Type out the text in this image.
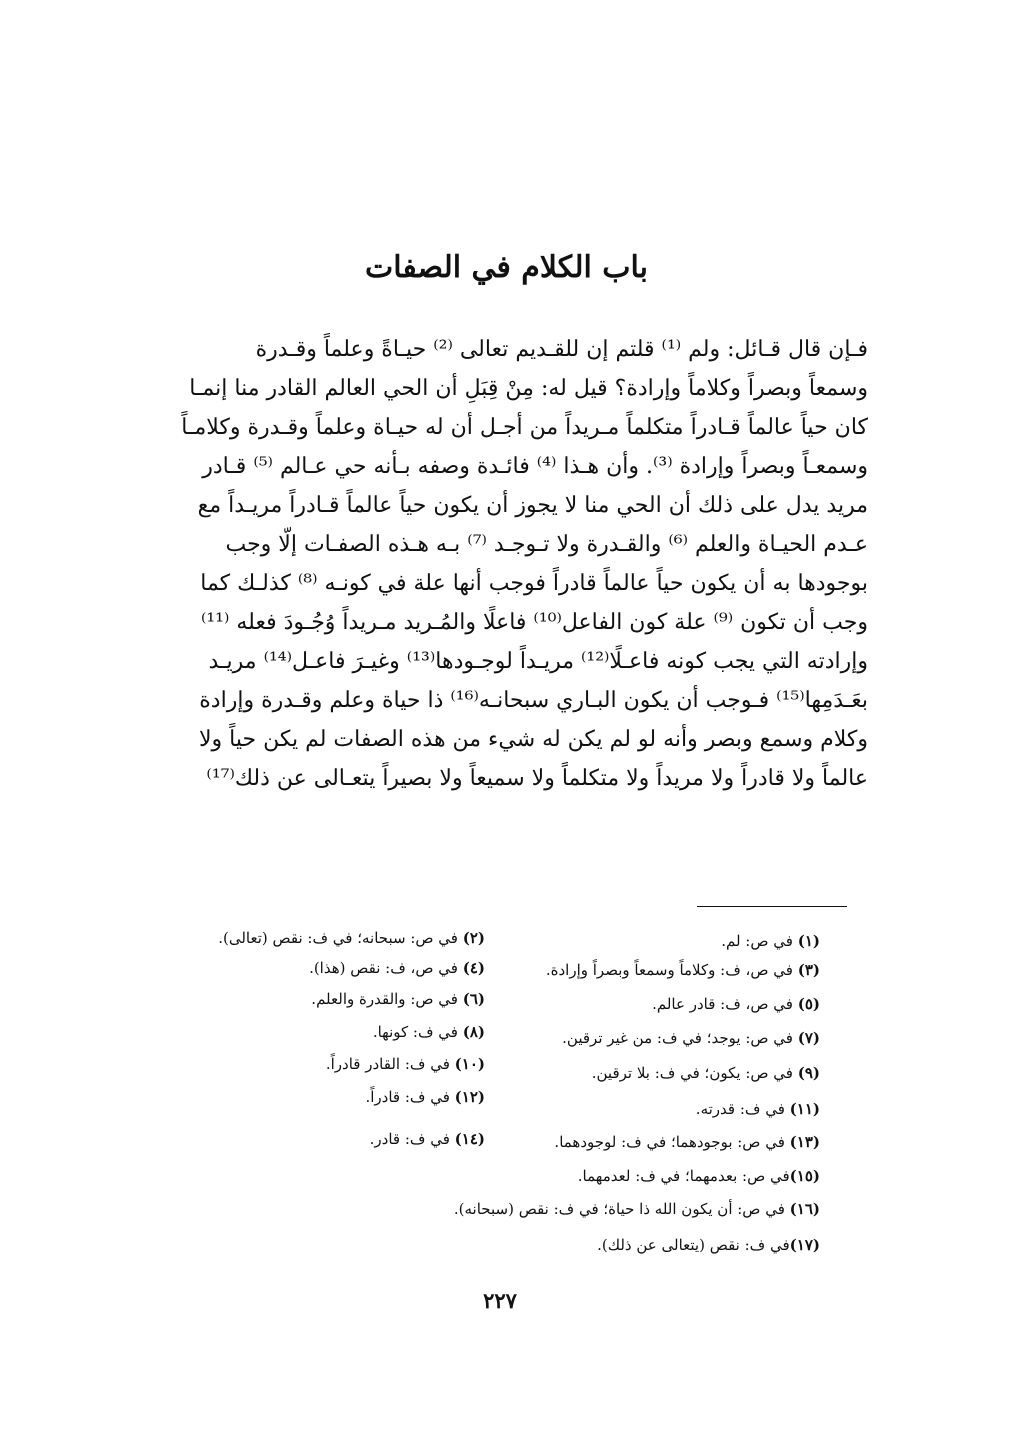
باب الكلام في الصفات
فـإن قال قـائل: ولم ⁽¹⁾ قلتم إن للقـديم تعالى ⁽²⁾ حيـاةً وعلماً وقـدرة
وسمعاً وبصراً وكلاماً وإرادة؟ قيل له: مِنْ قِبَلِ أن الحي العالم القادر منا إنمـا
كان حياً عالماً قـادراً متكلماً مـريداً من أجـل أن له حيـاة وعلماً وقـدرة وكلامـاً
وسمعـاً وبصراً وإرادة ⁽³⁾. وأن هـذا ⁽⁴⁾ فائـدة وصفه بـأنه حي عـالم ⁽⁵⁾ قـادر
مريد يدل على ذلك أن الحي منا لا يجوز أن يكون حياً عالماً قـادراً مريـداً مع
عـدم الحيـاة والعلم ⁽⁶⁾ والقـدرة ولا تـوجـد ⁽⁷⁾ بـه هـذه الصفـات إلّا وجب
بوجودها به أن يكون حياً عالماً قادراً فوجب أنها علة في كونـه ⁽⁸⁾ كذلـك كما
وجب أن تكون ⁽⁹⁾ علة كون الفاعل⁽¹⁰⁾ فاعلًا والمُـريد مـريداً وُجُـودَ فعله ⁽¹¹⁾
وإرادته التي يجب كونه فاعـلًا⁽¹²⁾ مريـداً لوجـودها⁽¹³⁾ وغيـرَ فاعـل⁽¹⁴⁾ مريـد
بعَـدَمِها⁽¹⁵⁾ فـوجب أن يكون البـاري سبحانـه⁽¹⁶⁾ ذا حياة وعلم وقـدرة وإرادة
وكلام وسمع وبصر وأنه لو لم يكن له شيء من هذه الصفات لم يكن حياً ولا
عالماً ولا قادراً ولا مريداً ولا متكلماً ولا سميعاً ولا بصيراً يتعـالى عن ذلك⁽¹⁷⁾
(١) في ص: لم.
(٢) في ص: سبحانه؛ في ف: نقص (تعالى).
(٣) في ص، ف: وكلاماً وسمعاً وبصراً وإرادة.
(٤) في ص، ف: نقص (هذا).
(٥) في ص، ف: قادر عالم.
(٦) في ص: والقدرة والعلم.
(٧) في ص: يوجد؛ في ف: من غير ترقين.
(٨) في ف: كونها.
(٩) في ص: يكون؛ في ف: بلا ترقين.
(١٠) في ف: القادر قادراً.
(١١) في ف: قدرته.
(١٢) في ف: قادراً.
(١٣) في ص: بوجودهما؛ في ف: لوجودهما.
(١٤) في ف: قادر.
(١٥)في ص: بعدمهما؛ في ف: لعدمهما.
(١٦) في ص: أن يكون الله ذا حياة؛ في ف: نقص (سبحانه).
(١٧)في ف: نقص (يتعالى عن ذلك).
٢٢٧
